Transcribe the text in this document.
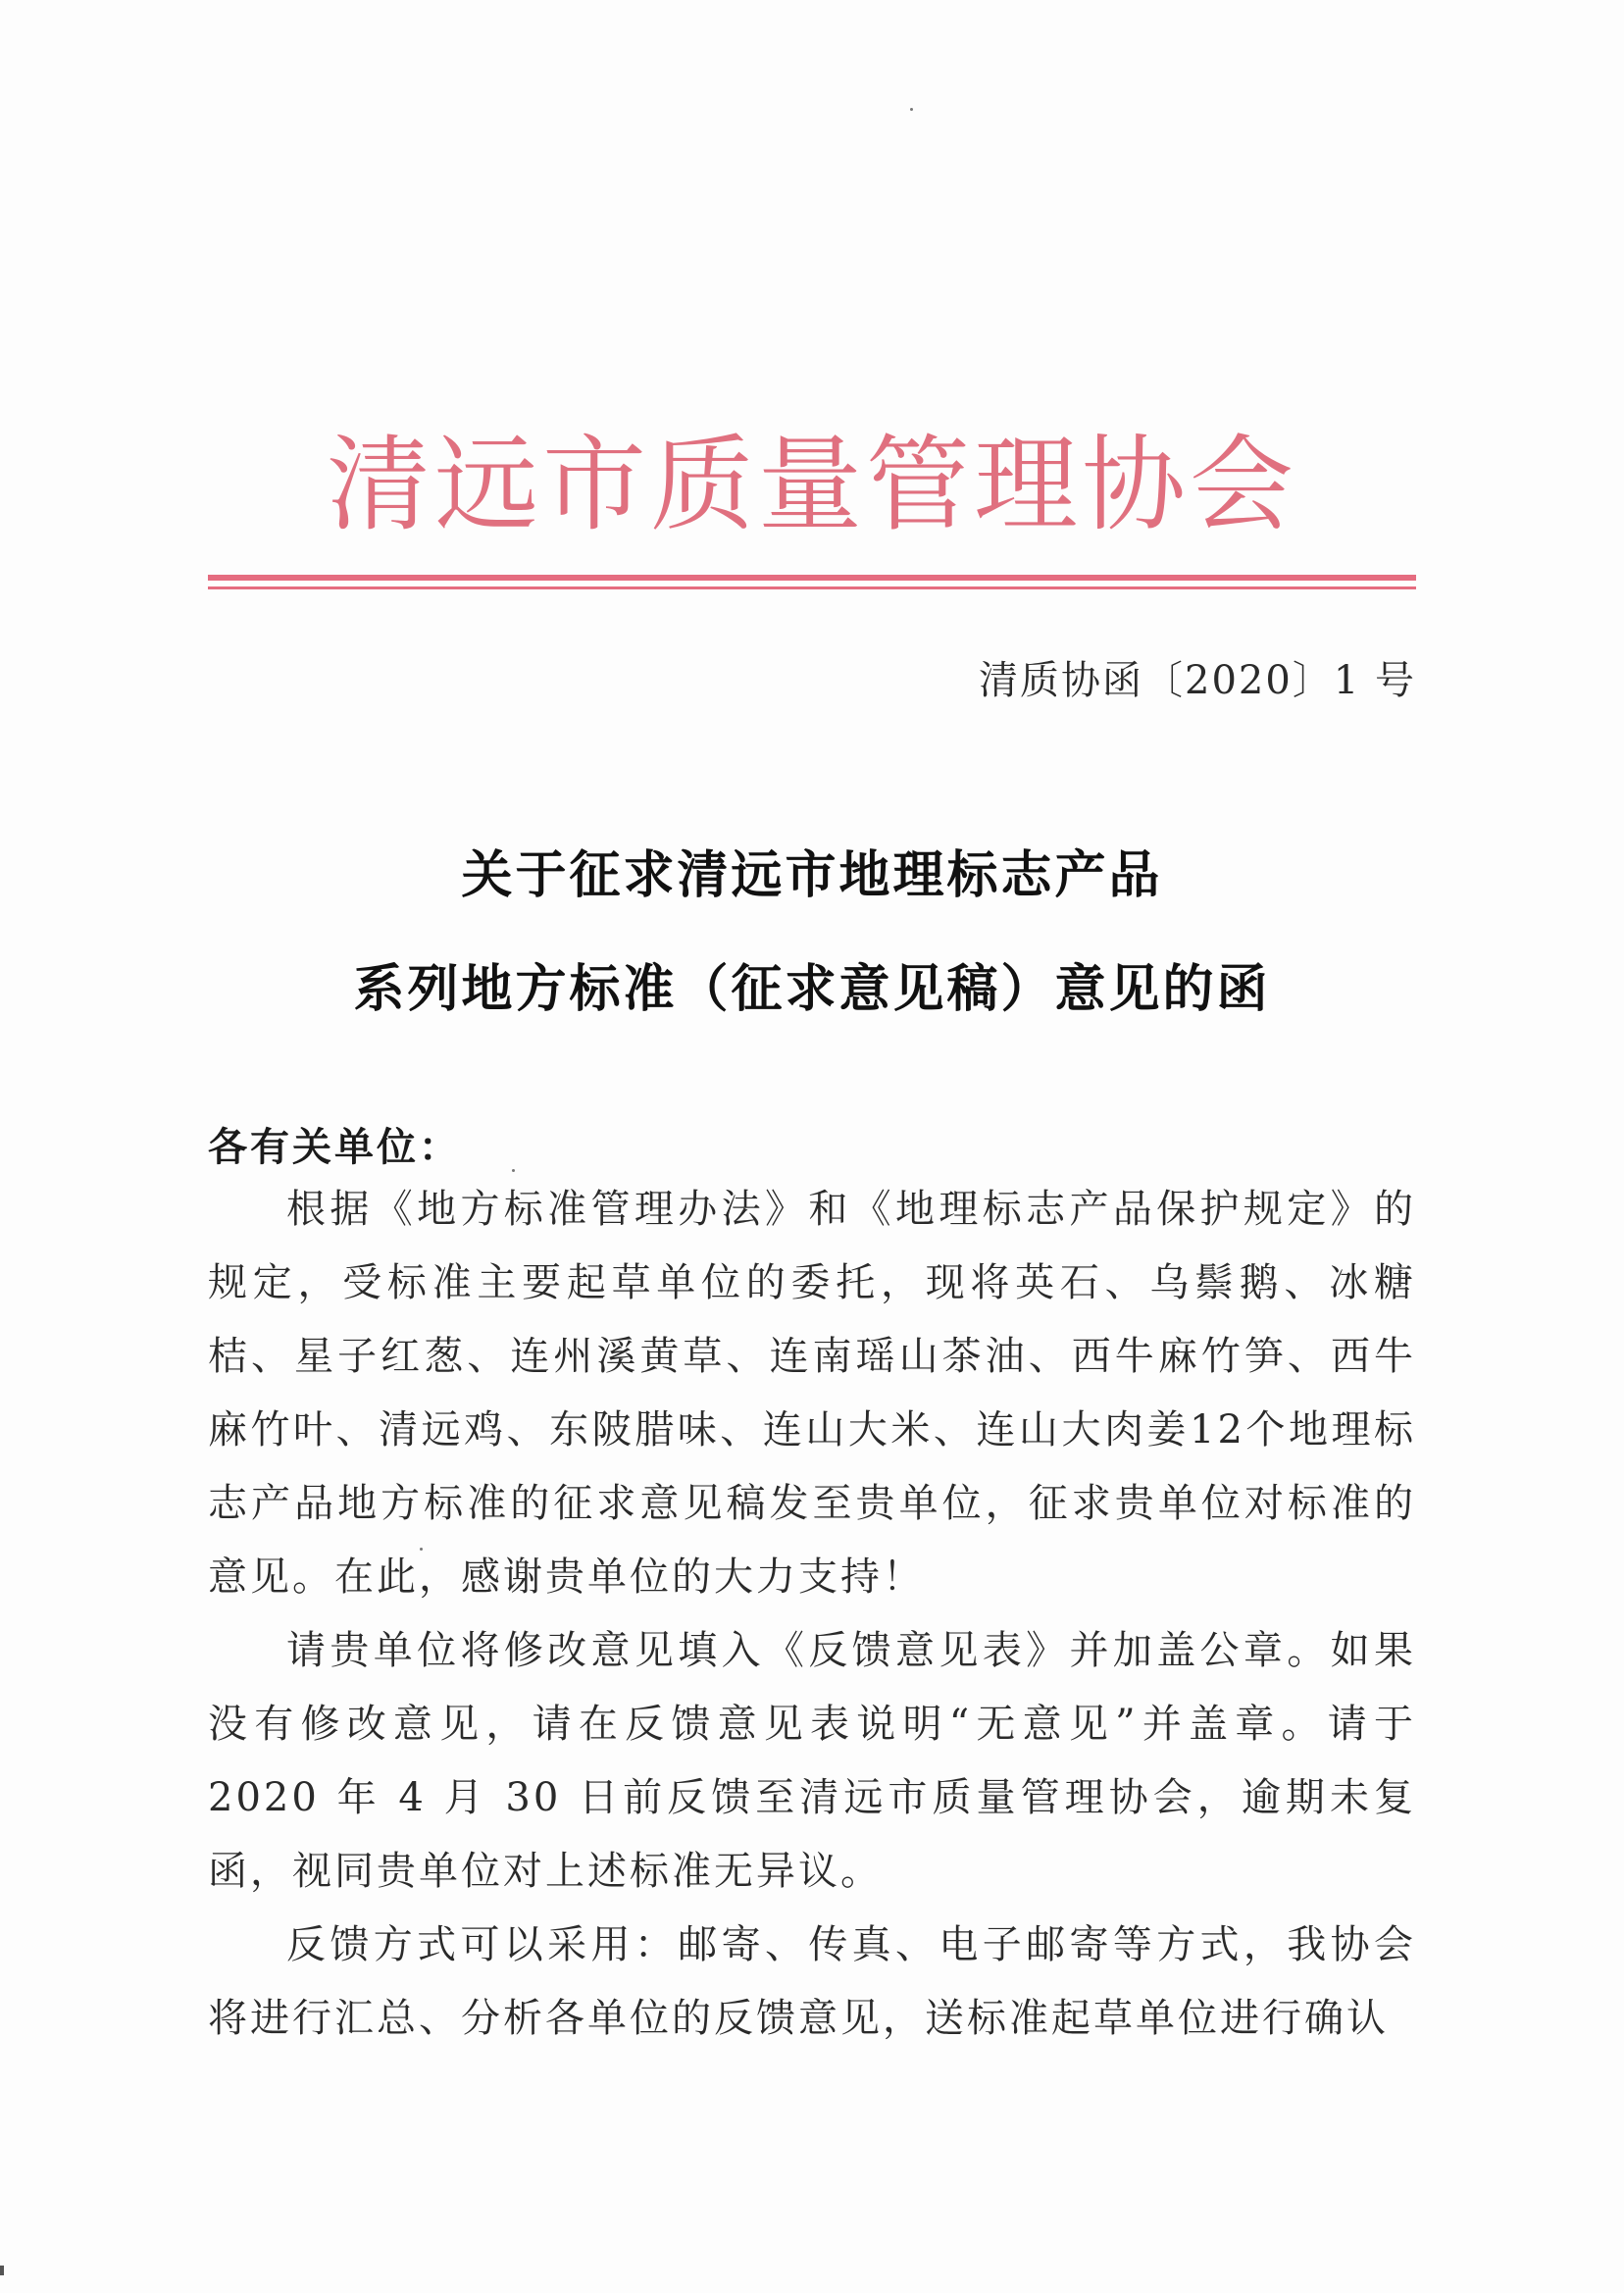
清远市质量管理协会
清质协函〔2020〕1 号
关于征求清远市地理标志产品
系列地方标准（征求意见稿）意见的函
各有关单位：

根据《地方标准管理办法》和《地理标志产品保护规定》的规定，受标准主要起草单位的委托，现将英石、乌鬃鹅、冰糖桔、星子红葱、连州溪黄草、连南瑶山茶油、西牛麻竹笋、西牛麻竹叶、清远鸡、东陂腊味、连山大米、连山大肉姜12个地理标志产品地方标准的征求意见稿发至贵单位，征求贵单位对标准的意见。在此，感谢贵单位的大力支持！

请贵单位将修改意见填入《反馈意见表》并加盖公章。如果没有修改意见，请在反馈意见表说明“无意见”并盖章。请于2020 年 4 月 30 日前反馈至清远市质量管理协会，逾期未复函，视同贵单位对上述标准无异议。

反馈方式可以采用：邮寄、传真、电子邮寄等方式，我协会将进行汇总、分析各单位的反馈意见，送标准起草单位进行确认
